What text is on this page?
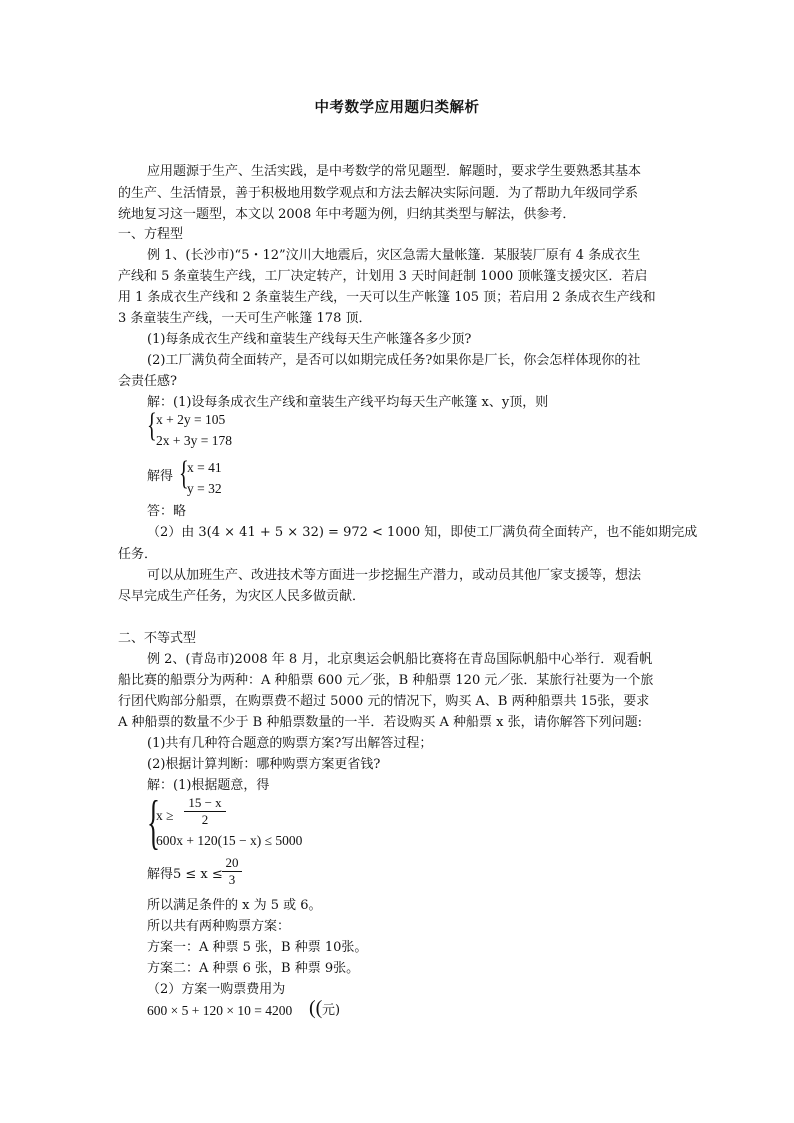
中考数学应用题归类解析
应用题源于生产、生活实践，是中考数学的常见题型．解题时，要求学生要熟悉其基本
的生产、生活情景，善于积极地用数学观点和方法去解决实际问题．为了帮助九年级同学系
统地复习这一题型，本文以 2008 年中考题为例，归纳其类型与解法，供参考．
一、方程型
例 1、(长沙市)“5・12”汶川大地震后，灾区急需大量帐篷．某服装厂原有 4 条成衣生
产线和 5 条童装生产线，工厂决定转产，计划用 3 天时间赶制 1000 顶帐篷支援灾区．若启
用 1 条成衣生产线和 2 条童装生产线，一天可以生产帐篷 105 顶；若启用 2 条成衣生产线和
3 条童装生产线，一天可生产帐篷 178 顶．
(1)每条成衣生产线和童装生产线每天生产帐篷各多少顶?
(2)工厂满负荷全面转产，是否可以如期完成任务?如果你是厂长，你会怎样体现你的社
会责任感?
解：(1)设每条成衣生产线和童装生产线平均每天生产帐篷 x、y顶，则
{ x + 2y = 105
2x + 3y = 178
解得 {
x = 41
y = 32
答：略
（2）由 3(4 × 41 + 5 × 32) = 972 < 1000 知，即使工厂满负荷全面转产，也不能如期完成
任务．
可以从加班生产、改进技术等方面进一步挖掘生产潜力，或动员其他厂家支援等，想法
尽早完成生产任务，为灾区人民多做贡献．
二、不等式型
例 2、(青岛市)2008 年 8 月，北京奥运会帆船比赛将在青岛国际帆船中心举行．观看帆
船比赛的船票分为两种：A 种船票 600 元／张，B 种船票 120 元／张．某旅行社要为一个旅
行团代购部分船票，在购票费不超过 5000 元的情况下，购买 A、B 两种船票共 15张，要求
A 种船票的数量不少于 B 种船票数量的一半．若设购买 A 种船票 x 张，请你解答下列问题:
(1)共有几种符合题意的购票方案?写出解答过程；
(2)根据计算判断：哪种购票方案更省钱?
解：(1)根据题意，得
{
$x \ge \frac{15 - x}{2}$
600x + 120(15 − x) ≤ 5000
解得$5 \le x \le \frac{20}{3}$
所以满足条件的 x 为 5 或 6。
所以共有两种购票方案：
方案一：A 种票 5 张，B 种票 10张。
方案二：A 种票 6 张，B 种票 9张。
（2）方案一购票费用为
600 × 5 + 120 × 10 = 4200 (( 元)
